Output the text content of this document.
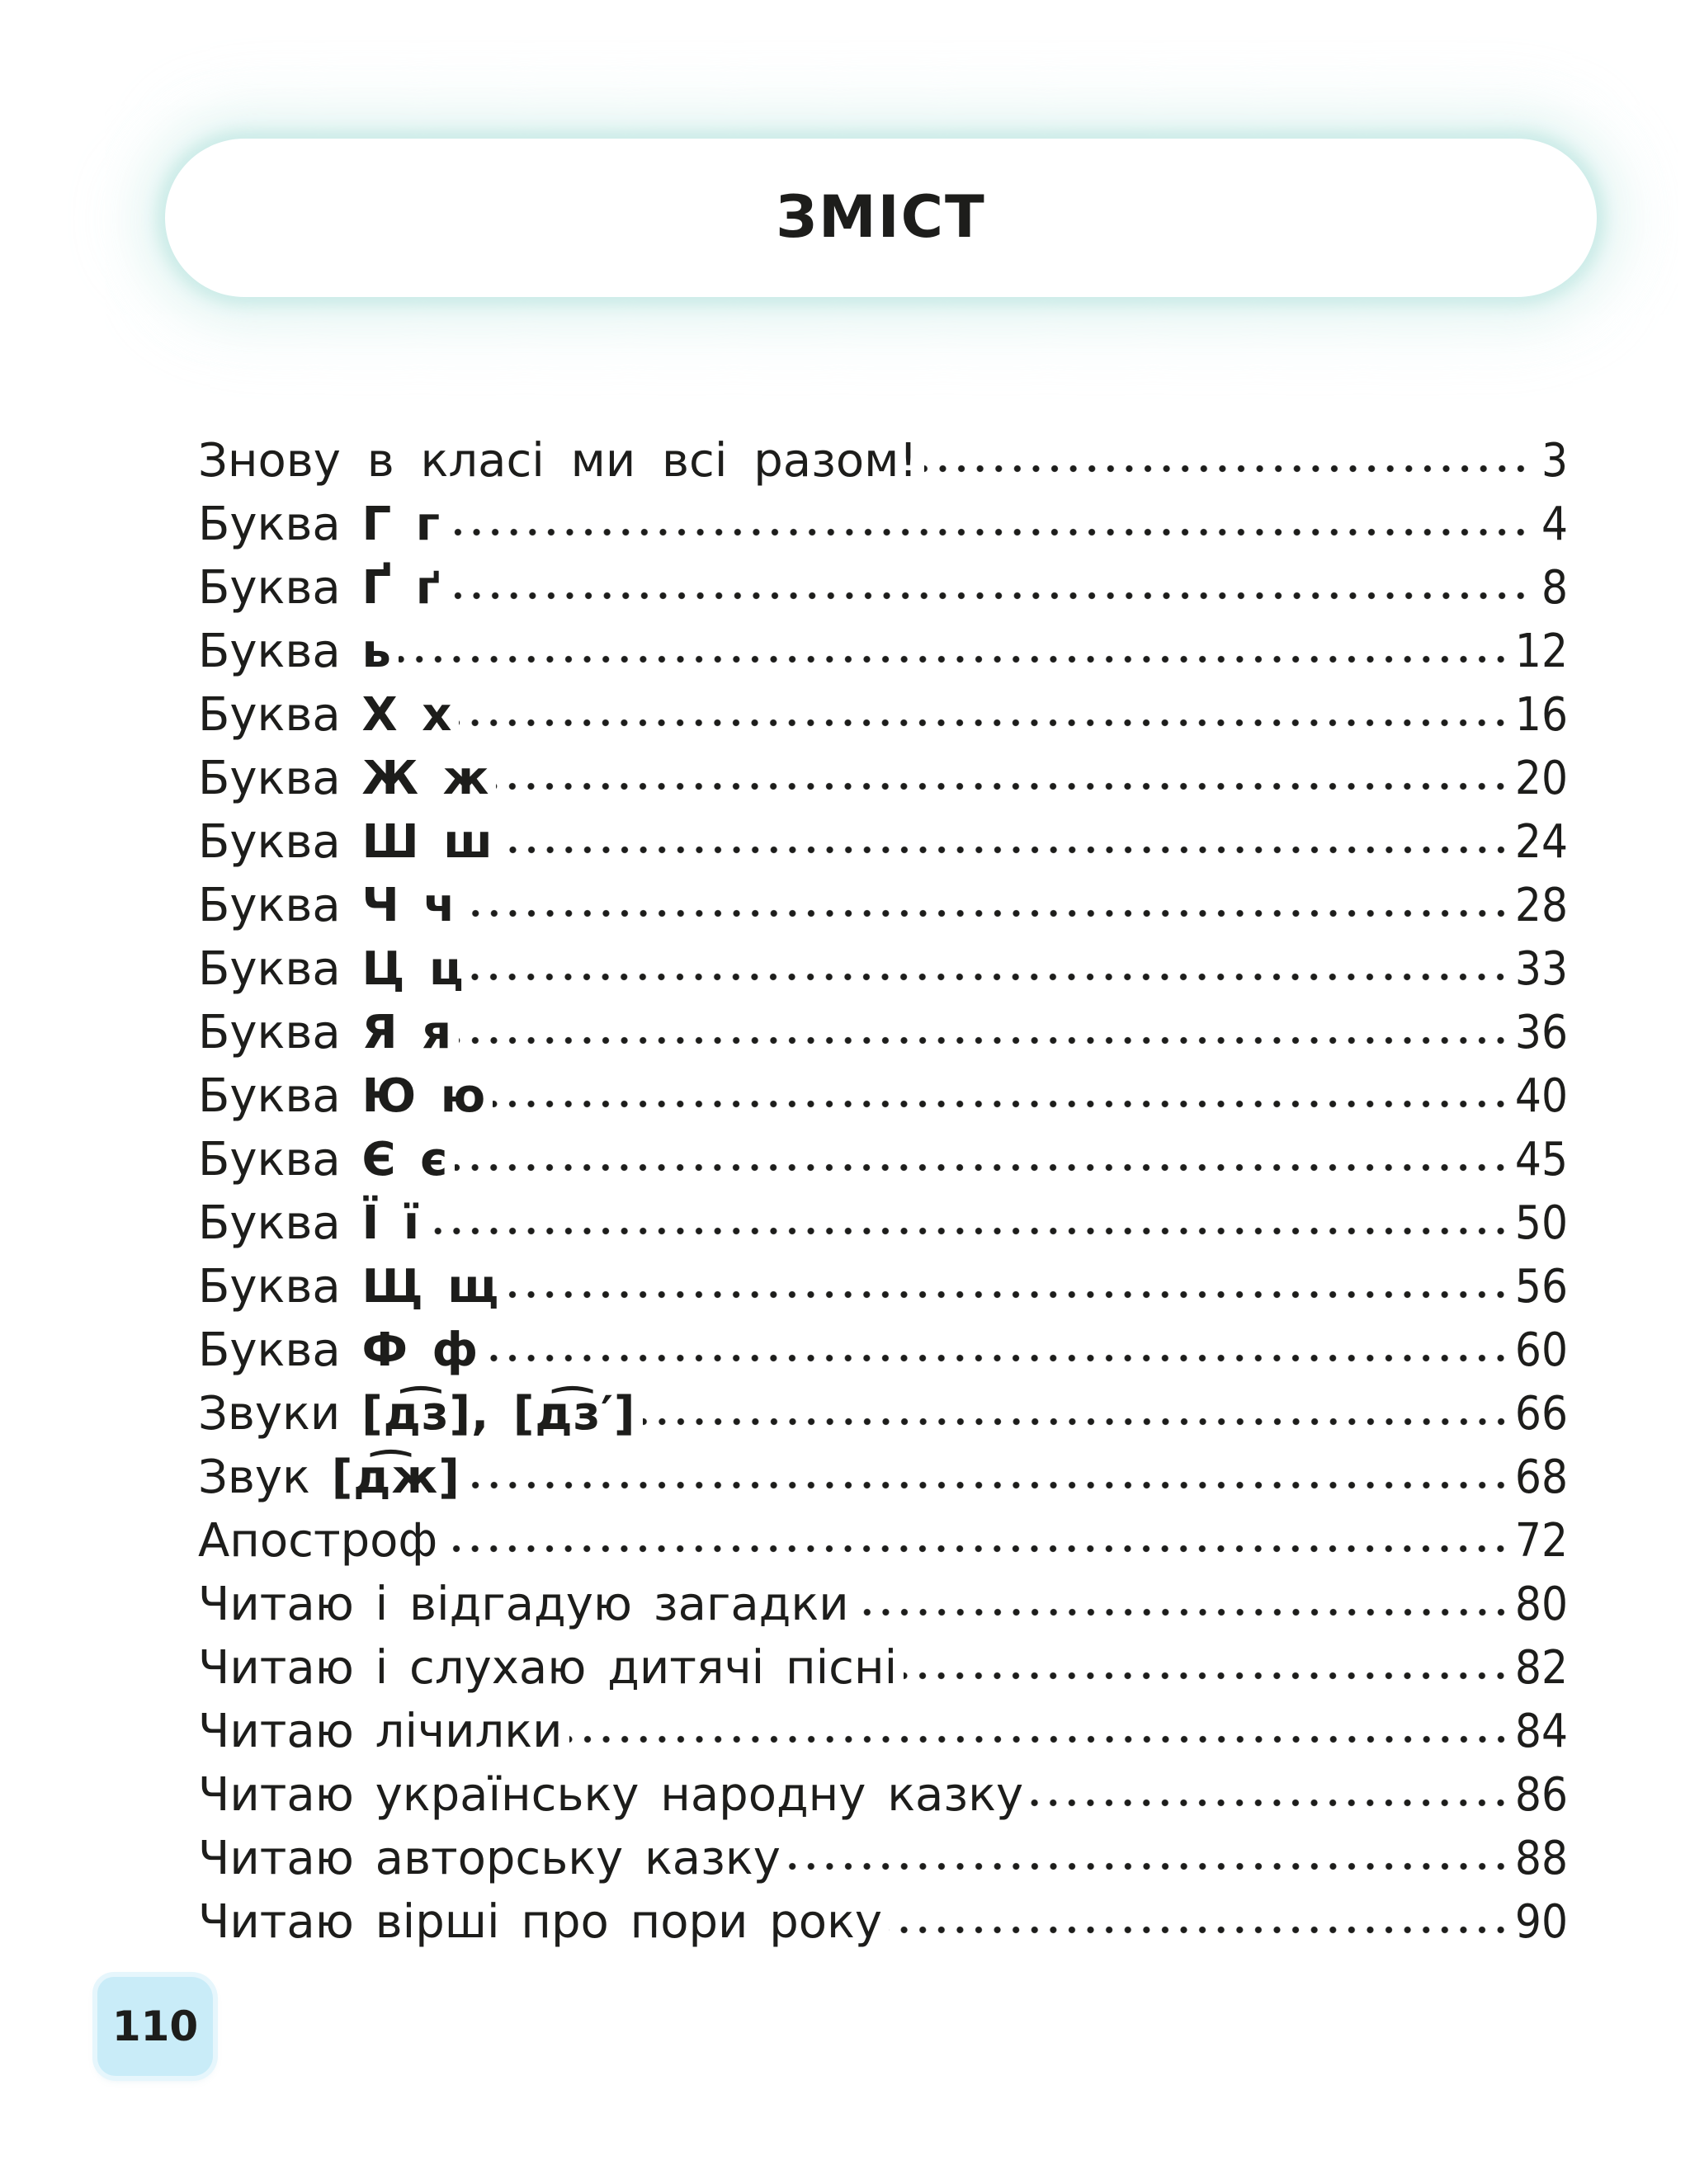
ЗМІСТ
Знову в класі ми всі разом!	3
Буква Г г	4
Буква Ґ ґ	8
Буква ь	12
Буква Х х	16
Буква Ж ж	20
Буква Ш ш	24
Буква Ч ч	28
Буква Ц ц	33
Буква Я я	36
Буква Ю ю	40
Буква Є є	45
Буква Ї ї	50
Буква Щ щ	56
Буква Ф ф	60
Звуки [д͡з], [д͡з′]	66
Звук [д͡ж]	68
Апостроф	72
Читаю і відгадую загадки	80
Читаю і слухаю дитячі пісні	82
Читаю лічилки	84
Читаю українську народну казку	86
Читаю авторську казку	88
Читаю вірші про пори року	90
110
